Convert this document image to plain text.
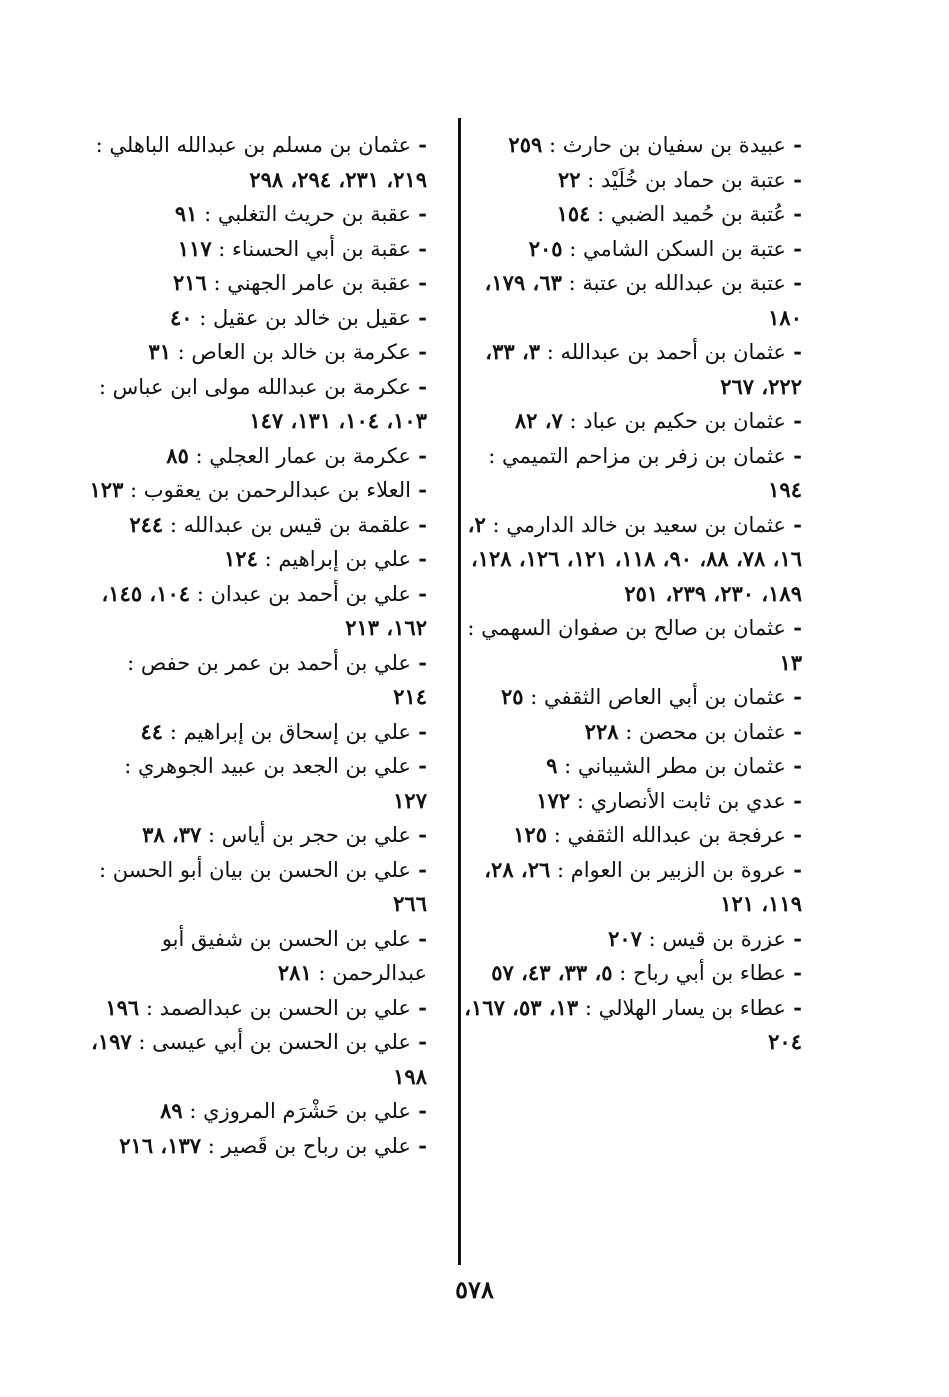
- عبيدة بن سفيان بن حارث : ٢٥٩

- عتبة بن حماد بن خُلَيْد : ٢٢

- عُتبة بن حُميد الضبي : ١٥٤

- عتبة بن السكن الشامي : ٢٠٥

- عتبة بن عبدالله بن عتبة : ٦٣، ١٧٩، ١٨٠

- عثمان بن أحمد بن عبدالله : ٣، ٣٣، ٢٢٢، ٢٦٧

- عثمان بن حكيم بن عباد : ٧، ٨٢

- عثمان بن زفر بن مزاحم التميمي : ١٩٤

- عثمان بن سعيد بن خالد الدارمي : ٢، ١٦، ٧٨، ٨٨، ٩٠، ١١٨، ١٢١، ١٢٦، ١٢٨، ١٨٩، ٢٣٠، ٢٣٩، ٢٥١

- عثمان بن صالح بن صفوان السهمي : ١٣

- عثمان بن أبي العاص الثقفي : ٢٥

- عثمان بن محصن : ٢٢٨

- عثمان بن مطر الشيباني : ٩

- عدي بن ثابت الأنصاري : ١٧٢

- عرفجة بن عبدالله الثقفي : ١٢٥

- عروة بن الزبير بن العوام : ٢٦، ٢٨، ١١٩، ١٢١

- عزرة بن قيس : ٢٠٧

- عطاء بن أبي رباح : ٥، ٣٣، ٤٣، ٥٧

- عطاء بن يسار الهلالي : ١٣، ٥٣، ١٦٧، ٢٠٤

- عثمان بن مسلم بن عبدالله الباهلي : ٢١٩، ٢٣١، ٢٩٤، ٢٩٨

- عقبة بن حريث التغلبي : ٩١

- عقبة بن أبي الحسناء : ١١٧

- عقبة بن عامر الجهني : ٢١٦

- عقيل بن خالد بن عقيل : ٤٠

- عكرمة بن خالد بن العاص : ٣١

- عكرمة بن عبدالله مولى ابن عباس : ١٠٣، ١٠٤، ١٣١، ١٤٧

- عكرمة بن عمار العجلي : ٨٥

- العلاء بن عبدالرحمن بن يعقوب : ١٢٣

- علقمة بن قيس بن عبدالله : ٢٤٤

- علي بن إبراهيم : ١٢٤

- علي بن أحمد بن عبدان : ١٠٤، ١٤٥، ١٦٢، ٢١٣

- علي بن أحمد بن عمر بن حفص : ٢١٤

- علي بن إسحاق بن إبراهيم : ٤٤

- علي بن الجعد بن عبيد الجوهري : ١٢٧

- علي بن حجر بن أياس : ٣٧، ٣٨

- علي بن الحسن بن بيان أبو الحسن : ٢٦٦

- علي بن الحسن بن شفيق أبو عبدالرحمن : ٢٨١

- علي بن الحسن بن عبدالصمد : ١٩٦

- علي بن الحسن بن أبي عيسى : ١٩٧، ١٩٨

- علي بن حَشْرَم المروزي : ٨٩

- علي بن رباح بن قَصير : ١٣٧، ٢١٦

٥٧٨
